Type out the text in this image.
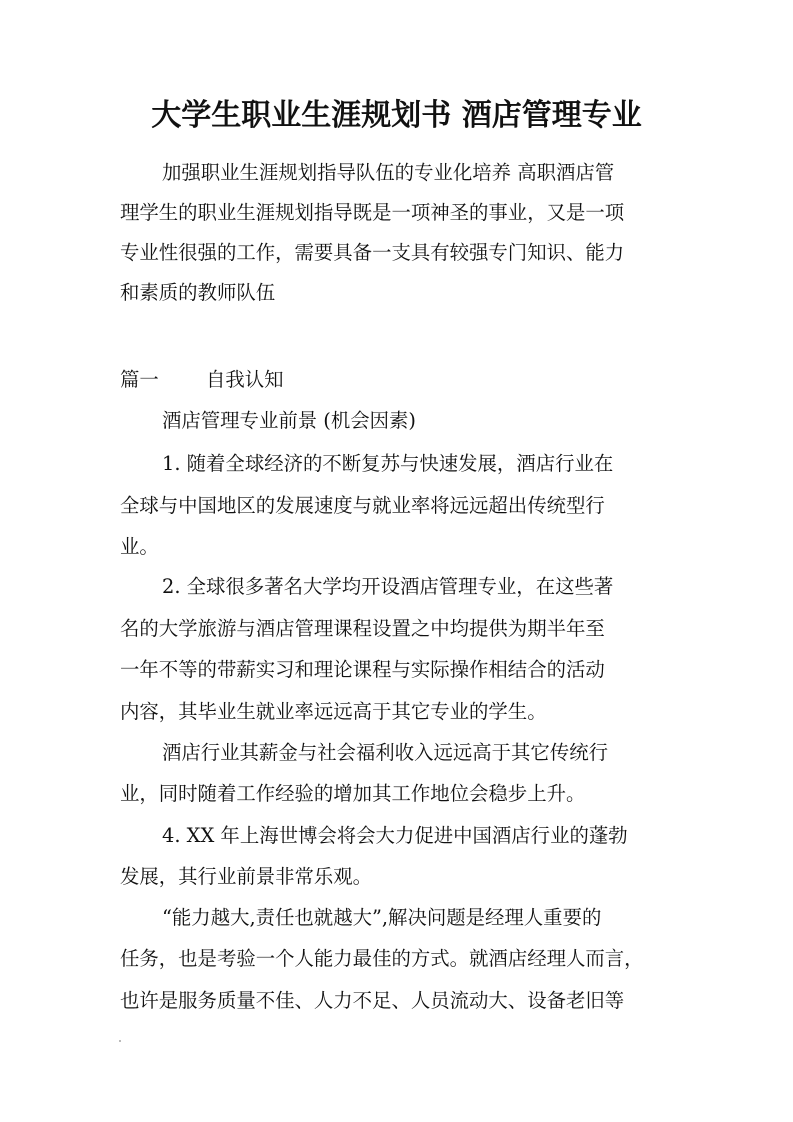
大学生职业生涯规划书 酒店管理专业

加强职业生涯规划指导队伍的专业化培养 高职酒店管

理学生的职业生涯规划指导既是一项神圣的事业，又是一项

专业性很强的工作，需要具备一支具有较强专门知识、能力

和素质的教师队伍

篇一 自我认知

酒店管理专业前景 (机会因素)

1. 随着全球经济的不断复苏与快速发展，酒店行业在

全球与中国地区的发展速度与就业率将远远超出传统型行

业。

2. 全球很多著名大学均开设酒店管理专业，在这些著

名的大学旅游与酒店管理课程设置之中均提供为期半年至

一年不等的带薪实习和理论课程与实际操作相结合的活动

内容，其毕业生就业率远远高于其它专业的学生。

酒店行业其薪金与社会福利收入远远高于其它传统行

业，同时随着工作经验的增加其工作地位会稳步上升。

4. XX 年上海世博会将会大力促进中国酒店行业的蓬勃

发展，其行业前景非常乐观。

“能力越大,责任也就越大”,解决问题是经理人重要的

任务，也是考验一个人能力最佳的方式。就酒店经理人而言，

也许是服务质量不佳、人力不足、人员流动大、设备老旧等
